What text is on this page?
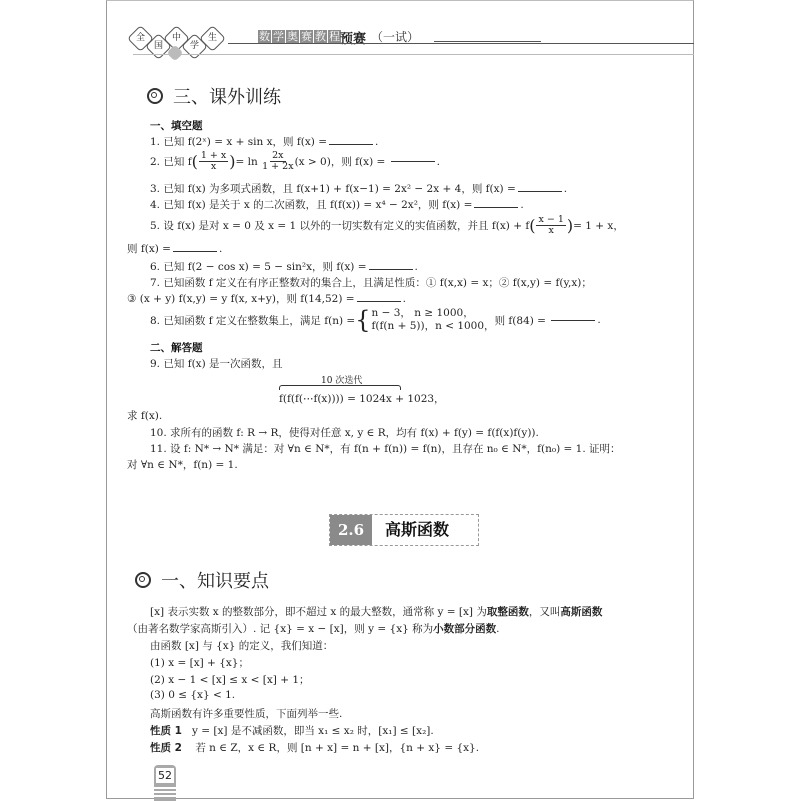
全
国
中
学
生	数 学 奥 赛 教 程 预赛 （一试）
三、课外训练
一、填空题
1. 已知 f(2ˣ) = x + sin x，则 f(x) =	.
2. 已知 f ( $\frac{1 + x}{x}$ ) = ln
$\frac{2x}{1 + 2x} (x > 0)$，则 f(x) =
	.
3. 已知 f(x) 为多项式函数，且 f(x+1) + f(x−1) = 2x² − 2x + 4，则 f(x) =	.
4. 已知 f(x) 是关于 x 的二次函数，且 f(f(x)) = x⁴ − 2x²，则 f(x) =	.
5. 设 f(x) 是对 x = 0 及 x = 1 以外的一切实数有定义的实值函数，并且 f(x) + f ( $\frac{x - 1}{x}$ ) = 1 + x，
则 f(x) =	.
6. 已知 f(2 − cos x) = 5 − sin²x，则 f(x) =	.
7. 已知函数 f 定义在有序正整数对的集合上，且满足性质：① f(x,x) = x；② f(x,y) = f(y,x)；
③ (x + y) f(x,y) = y f(x, x+y)，则 f(14,52) =	.
8. 已知函数 f 定义在整数集上，满足 f(n) = { n − 3， n ≥ 1000，
f(f(n + 5))，n < 1000， 则 f(84) =
	.
二、解答题
9. 已知 f(x) 是一次函数，且
10 次迭代
f(f(f(⋯f(x)))) = 1024x + 1023，
求 f(x).
10. 求所有的函数 f: R → R，使得对任意 x, y ∈ R，均有 f(x) + f(y) = f(f(x)f(y)).
11. 设 f: N* → N* 满足：对 ∀n ∈ N*，有 f(n + f(n)) = f(n)，且存在 n₀ ∈ N*，f(n₀) = 1. 证明：
对 ∀n ∈ N*，f(n) = 1.
2.6	高斯函数
一、知识要点
[x] 表示实数 x 的整数部分，即不超过 x 的最大整数，通常称 y = [x] 为取整函数，又叫高斯函数
（由著名数学家高斯引入）. 记 {x} = x − [x]，则 y = {x} 称为小数部分函数.
由函数 [x] 与 {x} 的定义，我们知道：
(1) x = [x] + {x}；
(2) x − 1 < [x] ≤ x < [x] + 1；
(3) 0 ≤ {x} < 1.
高斯函数有许多重要性质，下面列举一些.
性质 1 y = [x] 是不减函数，即当 x₁ ≤ x₂ 时，[x₁] ≤ [x₂].
性质 2 若 n ∈ Z，x ∈ R，则 [n + x] = n + [x]，{n + x} = {x}.
52
